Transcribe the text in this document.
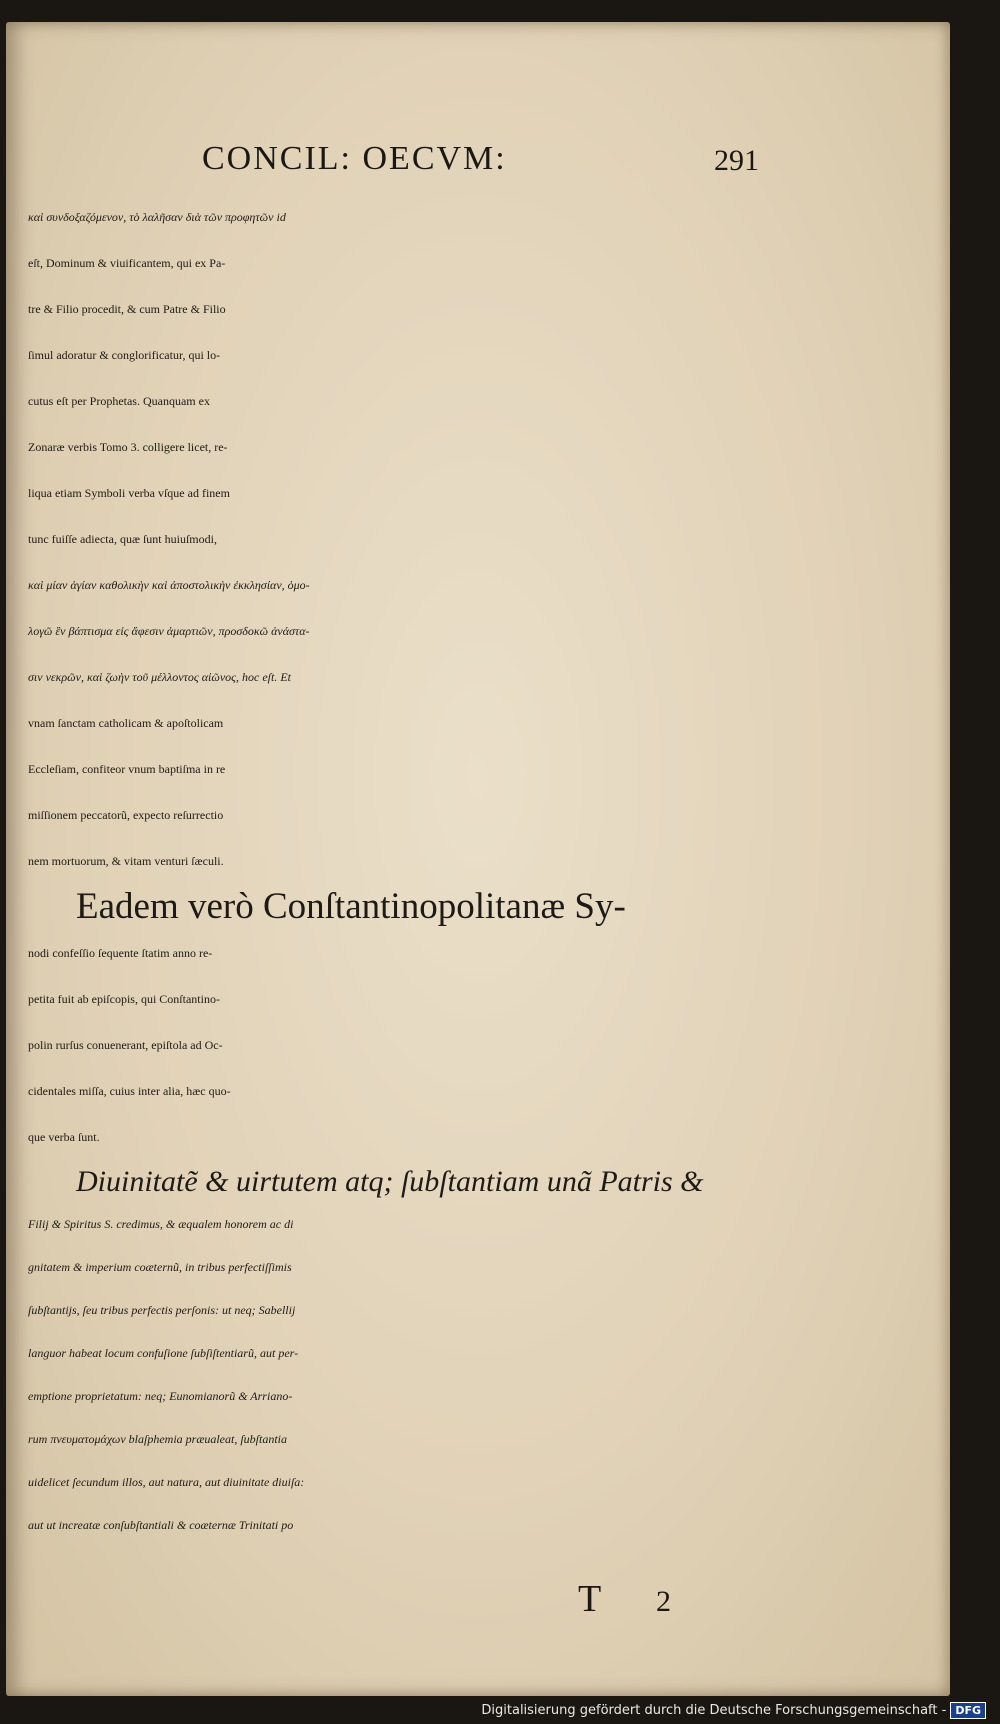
CONCIL: OECVM:	291
καὶ συνδοξαζόμενον, τὸ λαλῆσαν διὰ τῶν προφητῶν id
eſt, Dominum & viuificantem, qui ex Pa-
tre & Filio procedit, & cum Patre & Filio
ſimul adoratur & conglorificatur, qui lo-
cutus eſt per Prophetas. Quanquam ex
Zonaræ verbis Tomo 3. colligere licet, re-
liqua etiam Symboli verba vſque ad finem
tunc fuiſſe adiecta, quæ ſunt huiuſmodi,
καὶ μίαν ἁγίαν καθολικὴν καὶ ἀποστολικὴν ἐκκλησίαν, ὁμο-
λογῶ ἓν βάπτισμα εἰς ἄφεσιν ἁμαρτιῶν, προσδοκῶ ἀνάστα-
σιν νεκρῶν, καὶ ζωὴν τοῦ μέλλοντος αἰῶνος, hoc eſt. Et
vnam ſanctam catholicam & apoſtolicam
Eccleſiam, confiteor vnum baptiſma in re
miſſionem peccatorũ, expecto reſurrectio
nem mortuorum, & vitam venturi ſæculi.
Eadem verò Conſtantinopolitanæ Sy-
nodi confeſſio ſequente ſtatim anno re-
petita fuit ab epiſcopis, qui Conſtantino-
polin rurſus conuenerant, epiſtola ad Oc-
cidentales miſſa, cuius inter alia, hæc quo-
que verba ſunt.
Diuinitatẽ & uirtutem atq; ſubſtantiam unã Patris &
Filij & Spiritus S. credimus, & æqualem honorem ac di
gnitatem & imperium coæternũ, in tribus perfectiſſimis
ſubſtantijs, ſeu tribus perfectis perſonis: ut neq; Sabellij
languor habeat locum confuſione ſubſiſtentiarũ, aut per-
emptione proprietatum: neq; Eunomianorũ & Arriano-
rum πνευματομάχων blaſphemia præualeat, ſubſtantia
uidelicet ſecundum illos, aut natura, aut diuinitate diuiſa:
aut ut increatæ conſubſtantiali & coæternæ Trinitati po
T 2
Digitalisierung gefördert durch die Deutsche Forschungsgemeinschaft - DFG
